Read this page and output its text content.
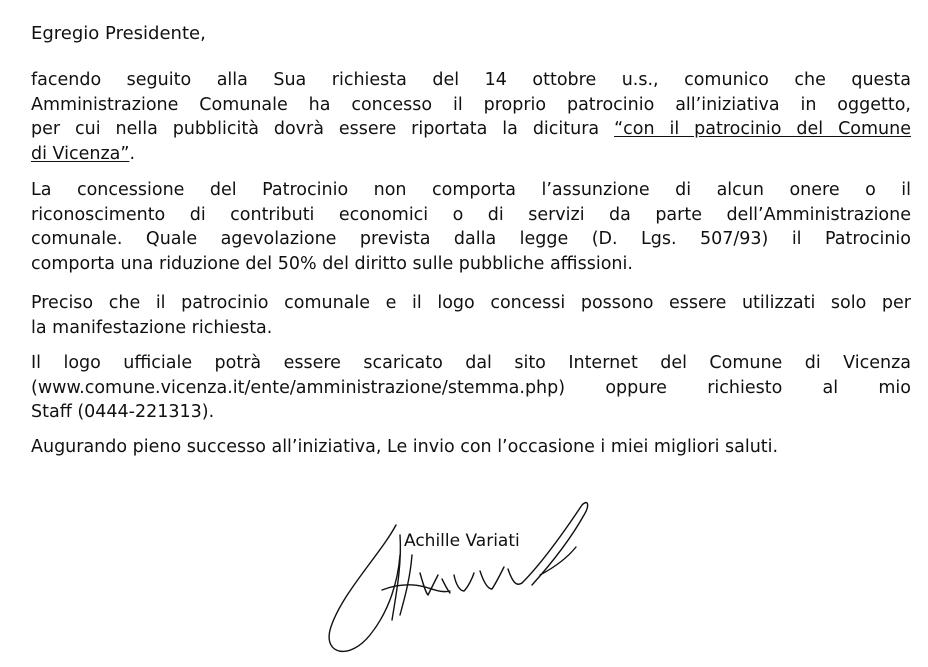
Egregio Presidente,

facendo seguito alla Sua richiesta del 14 ottobre u.s., comunico che questa
Amministrazione Comunale ha concesso il proprio patrocinio all’iniziativa in oggetto,
per cui nella pubblicità dovrà essere riportata la dicitura “con il patrocinio del Comune
di Vicenza”.

La concessione del Patrocinio non comporta l’assunzione di alcun onere o il
riconoscimento di contributi economici o di servizi da parte dell’Amministrazione
comunale. Quale agevolazione prevista dalla legge (D. Lgs. 507/93) il Patrocinio
comporta una riduzione del 50% del diritto sulle pubbliche affissioni.

Preciso che il patrocinio comunale e il logo concessi possono essere utilizzati solo per
la manifestazione richiesta.

Il logo ufficiale potrà essere scaricato dal sito Internet del Comune di Vicenza
(www.comune.vicenza.it/ente/amministrazione/stemma.php) oppure richiesto al mio
Staff (0444-221313).

Augurando pieno successo all’iniziativa, Le invio con l’occasione i miei migliori saluti.

Achille Variati
